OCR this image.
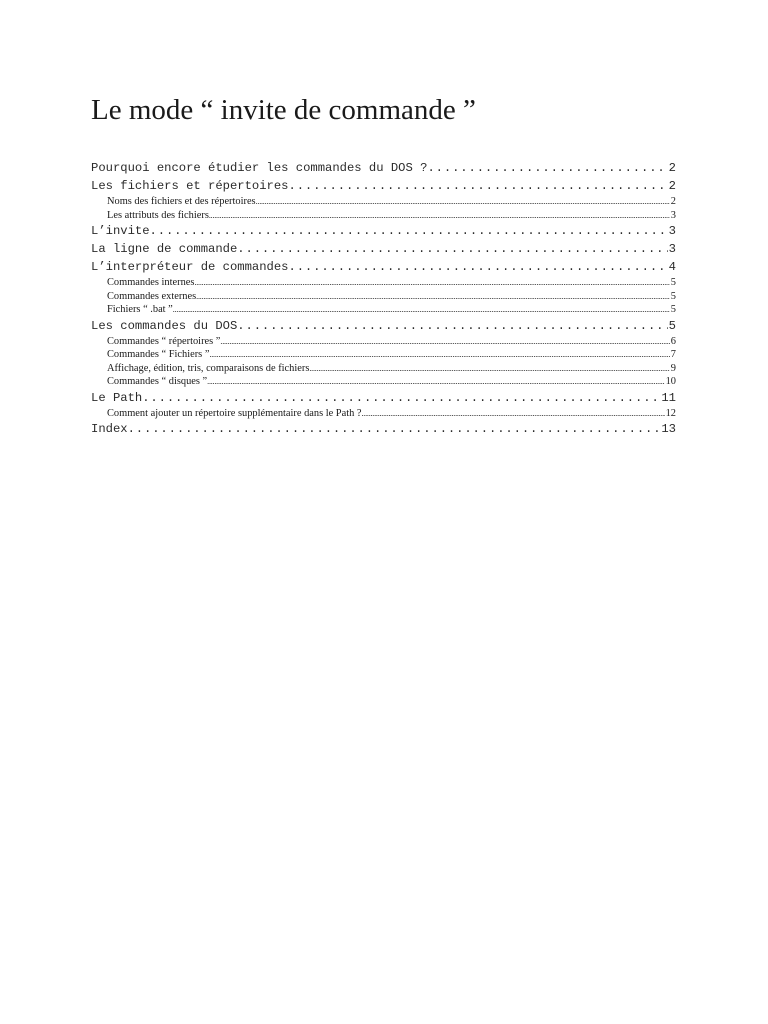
Le mode “ invite de commande ”
Pourquoi encore étudier les commandes du DOS ? .....	2
Les fichiers et répertoires .....	2
Noms des fichiers et des répertoires .....	2
Les attributs des fichiers .....	3
L’invite .....	3
La ligne de commande .....	3
L’interpréteur de commandes .....	4
Commandes internes .....	5
Commandes externes .....	5
Fichiers “ .bat ” .....	5
Les commandes du DOS .....	5
Commandes “ répertoires ” .....	6
Commandes “ Fichiers ” .....	7
Affichage, édition, tris, comparaisons de fichiers .....	9
Commandes “ disques ” .....	10
Le Path .....	11
Comment ajouter un répertoire supplémentaire dans le Path ? .....	12
Index .....	13
